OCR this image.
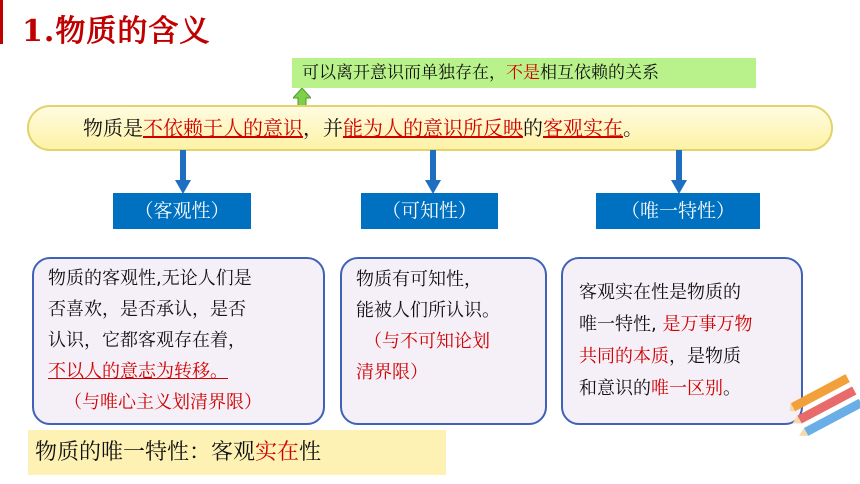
1.物质的含义
可以离开意识而单独存在，不是相互依赖的关系
物质是不依赖于人的意识，并能为人的意识所反映的客观实在。
（客观性）	（可知性）	（唯一特性）
物质的客观性,无论人们是
否喜欢，是否承认，是否
认识，它都客观存在着，
不以人的意志为转移。
（与唯心主义划清界限）
物质有可知性，
能被人们所认识。
（与不可知论划
清界限）
客观实在性是物质的
唯一特性, 是万事万物
共同的本质，是物质
和意识的唯一区别。
物质的唯一特性：客观实在性
